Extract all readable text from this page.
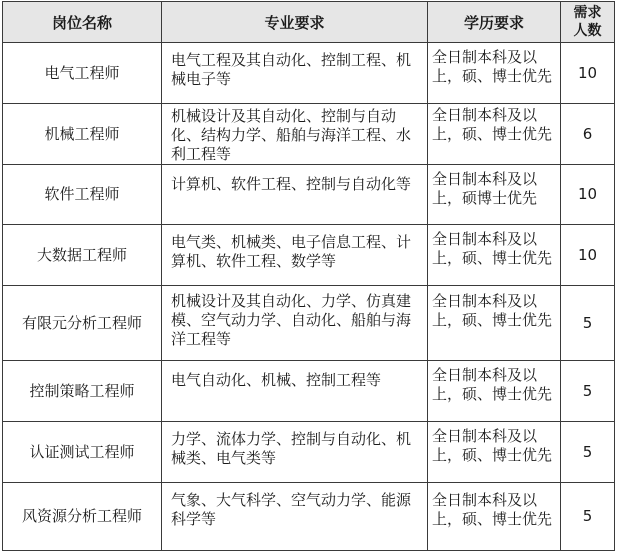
岗位名称	专业要求	学历要求	需求人数

电气工程师	电气工程及其自动化、控制工程、机械电子等	全日制本科及以上，硕、博士优先	10
机械工程师	机械设计及其自动化、控制与自动化、结构力学、船舶与海洋工程、水利工程等	全日制本科及以上，硕、博士优先	6
软件工程师	计算机、软件工程、控制与自动化等	全日制本科及以上，硕博士优先	10
大数据工程师	电气类、机械类、电子信息工程、计算机、软件工程、数学等	全日制本科及以上，硕、博士优先	10
有限元分析工程师	机械设计及其自动化、力学、仿真建模、空气动力学、自动化、船舶与海洋工程等	全日制本科及以上，硕、博士优先	5
控制策略工程师	电气自动化、机械、控制工程等	全日制本科及以上，硕、博士优先	5
认证测试工程师	力学、流体力学、控制与自动化、机械类、电气类等	全日制本科及以上，硕、博士优先	5
风资源分析工程师	气象、大气科学、空气动力学、能源科学等	全日制本科及以上，硕、博士优先	5
